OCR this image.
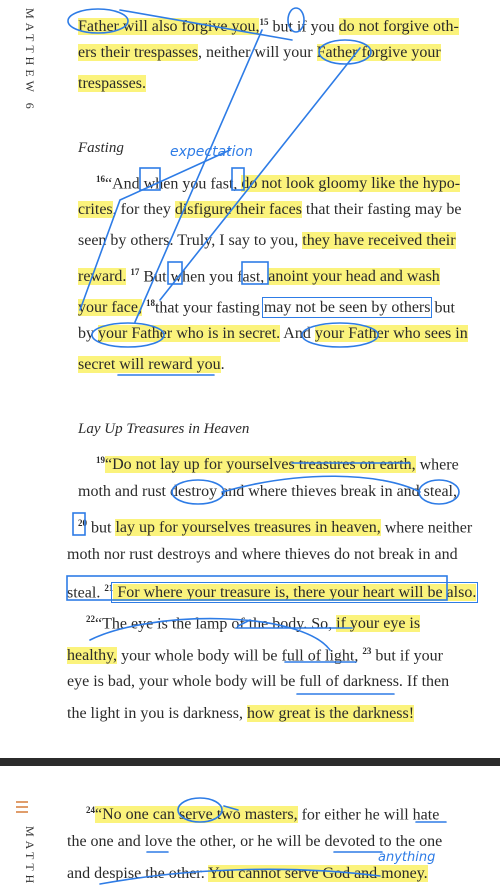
MATTHEW 6	Father will also forgive you,$^{15}$ but if you do not forgive oth-
ers their trespasses, neither will your Father forgive your
trespasses.
Fasting
$^{16}$“And when you fast, do not look gloomy like the hypo-
crites, for they disfigure their faces that their fasting may be
seen by others. Truly, I say to you, they have received their
reward. $^{17}$ But when you fast, anoint your head and wash
your face, $^{18}$that your fasting may not be seen by others but
by your Father who is in secret. And your Father who sees in
secret will reward you.
Lay Up Treasures in Heaven
$^{19}$“Do not lay up for yourselves treasures on earth, where
moth and rust destroy and where thieves break in and steal,
$^{20}$ but lay up for yourselves treasures in heaven, where neither
moth nor rust destroys and where thieves do not break in and
steal. $^{21}$ For where your treasure is, there your heart will be also.
$^{22}$“The eye is the lamp of the body. So, if your eye is
healthy, your whole body will be full of light, $^{23}$ but if your
eye is bad, your whole body will be full of darkness. If then
the light in you is darkness, how great is the darkness!
expectation
MATTH
$^{24}$“No one can serve two masters, for either he will hate
the one and love the other, or he will be devoted to the one
and despise the other. You cannot serve God and money.
anything
